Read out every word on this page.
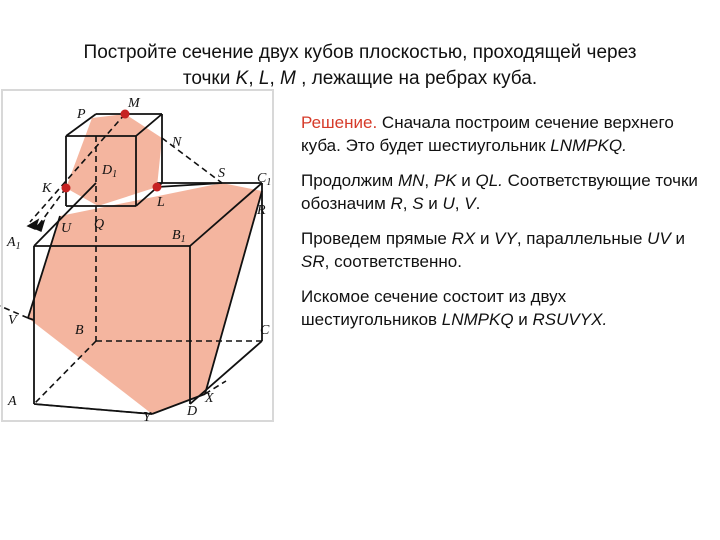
Постройте сечение двух кубов плоскостью, проходящей через
точки K, L, M , лежащие на ребрах куба.
P
M
N
$D_1$
K
L
S $C_1$
R
U Q
$A_1$
$B_1$
V
B	C
A	X
D
Y

Решение. Сначала построим сечение верхнего куба. Это будет шестиугольник LNMPKQ.

Продолжим MN, PK и QL. Соответствующие точки обозначим R, S и U, V.

Проведем прямые RX и VY, параллельные UV и SR, соответственно.

Искомое сечение состоит из двух шестиугольников LNMPKQ и RSUVYX.
